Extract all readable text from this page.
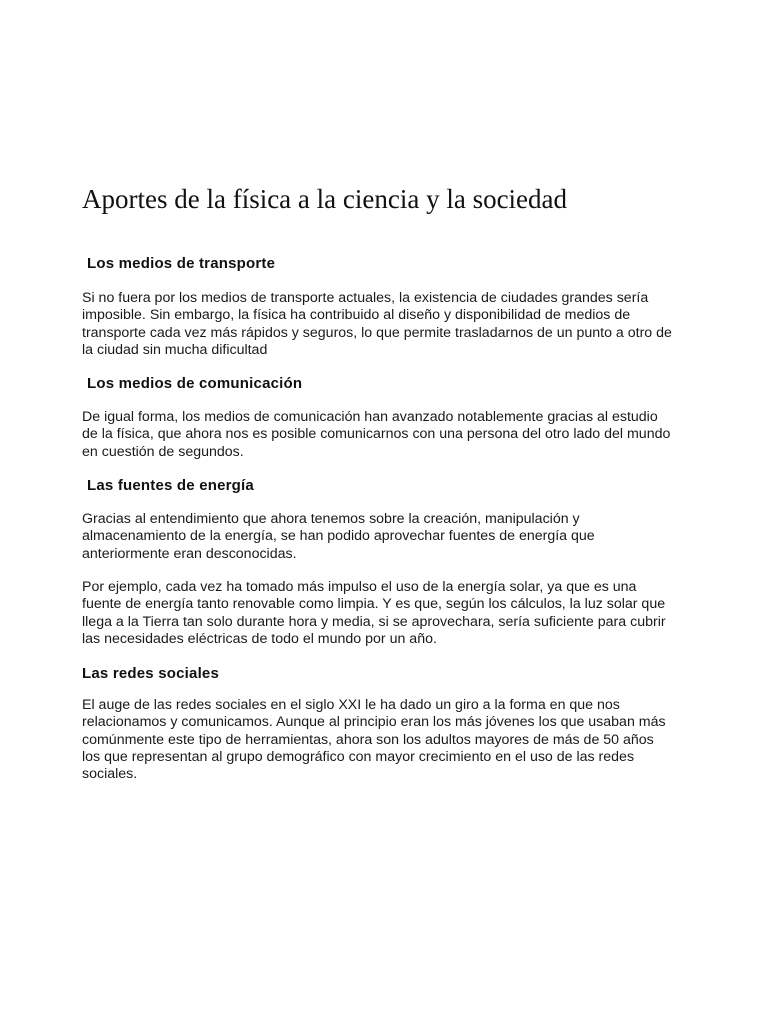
Aportes de la física a la ciencia y la sociedad
Los medios de transporte

Si no fuera por los medios de transporte actuales, la existencia de ciudades grandes sería imposible. Sin embargo, la física ha contribuido al diseño y disponibilidad de medios de transporte cada vez más rápidos y seguros, lo que permite trasladarnos de un punto a otro de la ciudad sin mucha dificultad

Los medios de comunicación

De igual forma, los medios de comunicación han avanzado notablemente gracias al estudio de la física, que ahora nos es posible comunicarnos con una persona del otro lado del mundo en cuestión de segundos.

Las fuentes de energía

Gracias al entendimiento que ahora tenemos sobre la creación, manipulación y almacenamiento de la energía, se han podido aprovechar fuentes de energía que anteriormente eran desconocidas.

Por ejemplo, cada vez ha tomado más impulso el uso de la energía solar, ya que es una fuente de energía tanto renovable como limpia. Y es que, según los cálculos, la luz solar que llega a la Tierra tan solo durante hora y media, si se aprovechara, sería suficiente para cubrir las necesidades eléctricas de todo el mundo por un año.

Las redes sociales

El auge de las redes sociales en el siglo XXI le ha dado un giro a la forma en que nos relacionamos y comunicamos. Aunque al principio eran los más jóvenes los que usaban más comúnmente este tipo de herramientas, ahora son los adultos mayores de más de 50 años los que representan al grupo demográfico con mayor crecimiento en el uso de las redes sociales.
